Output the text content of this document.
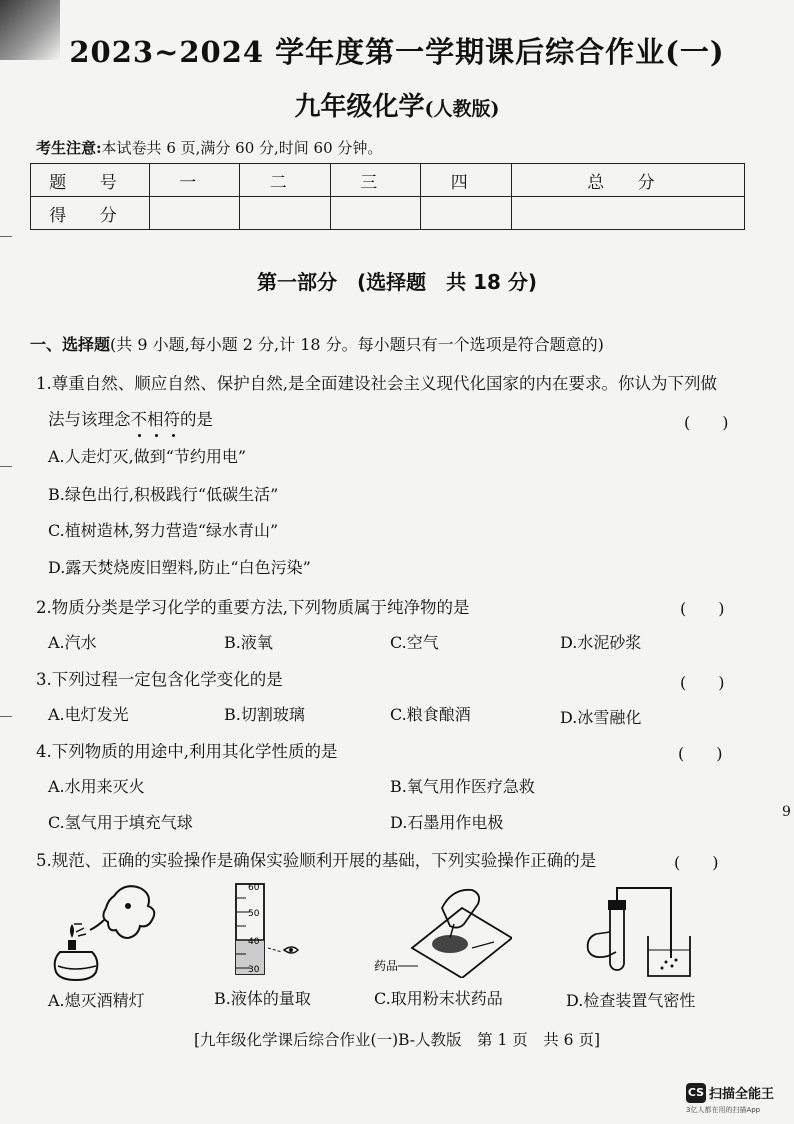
2023~2024 学年度第一学期课后综合作业(一)
九年级化学(人教版)
考生注意:本试卷共 6 页,满分 60 分,时间 60 分钟。
题 号	一	二	三	四	总 分
得 分					
第一部分　 (选择题　共 18 分)
一、选择题(共 9 小题,每小题 2 分,计 18 分。每小题只有一个选项是符合题意的)
1.尊重自然、顺应自然、保护自然,是全面建设社会主义现代化国家的内在要求。你认为下列做
法与该理念不相符
的是	(　　)
A.人走灯灭,做到“节约用电”
B.绿色出行,积极践行“低碳生活”
C.植树造林,努力营造“绿水青山”
D.露天焚烧废旧塑料,防止“白色污染”
2.物质分类是学习化学的重要方法,下列物质属于纯净物的是	(　　)
A.汽水	B.液氧	C.空气	D.水泥砂浆
3.下列过程一定包含化学变化的是	(　　)
A.电灯发光	B.切割玻璃	C.粮食酿酒	D.冰雪融化
4.下列物质的用途中,利用其化学性质的是	(　　)
A.水用来灭火	B.氧气用作医疗急救
C.氢气用于填充气球	D.石墨用作电极
5.规范、正确的实验操作是确保实验顺利开展的基础，下列实验操作正确的是	(　　)
60
50
40
30	药品
A.熄灭酒精灯	B.液体的量取	C.取用粉末状药品	D.检查装置气密性
[九年级化学课后综合作业(一)B-人教版　第 1 页　共 6 页]
CS 扫描全能王
3亿人都在用的扫描App
9
